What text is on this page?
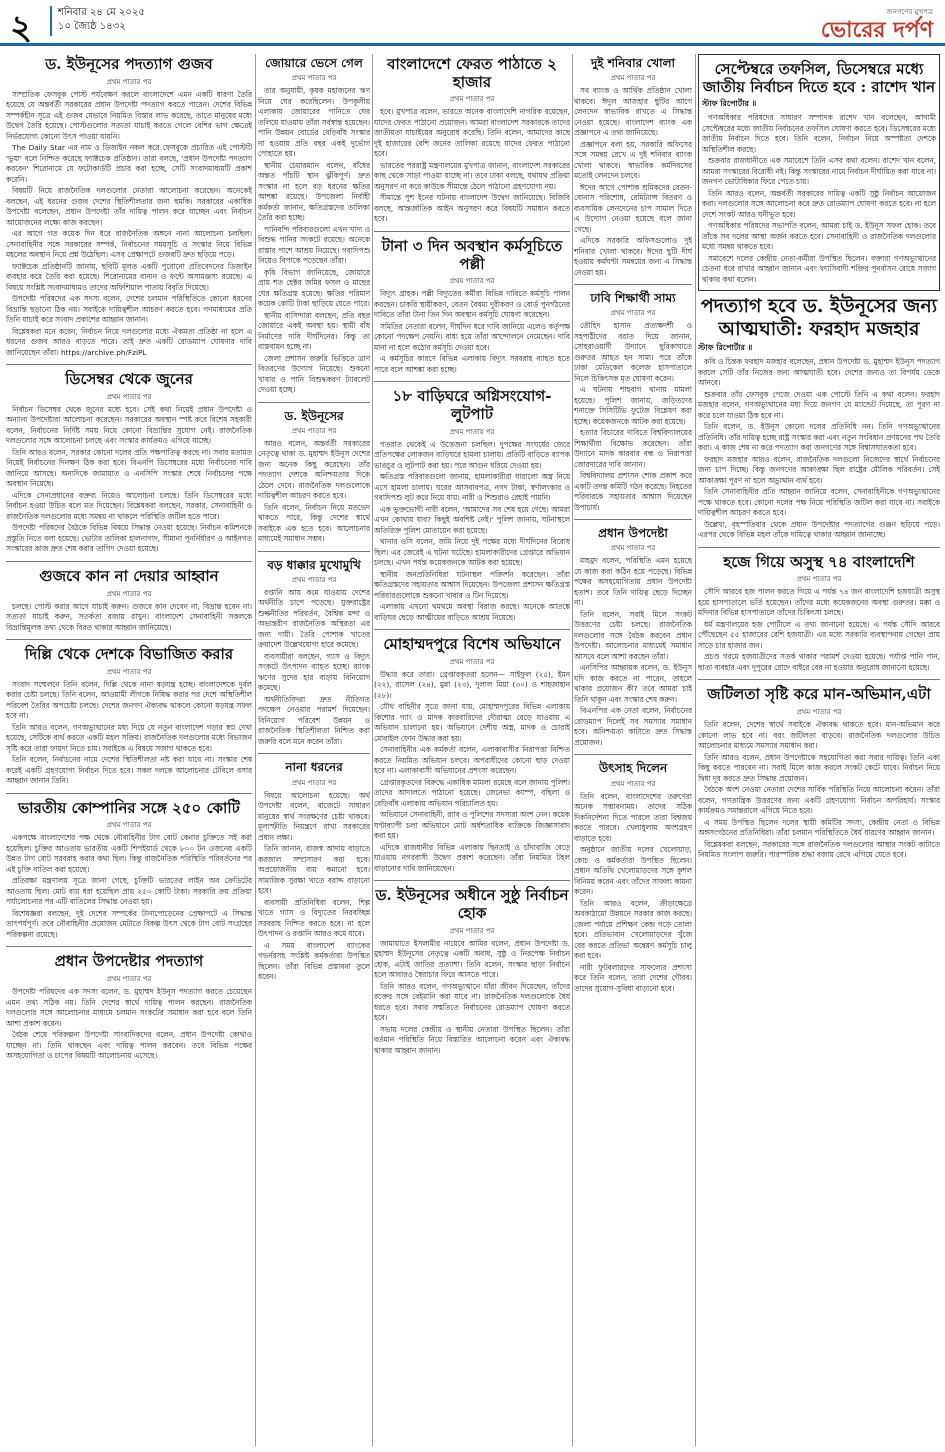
২	শনিবার ২৪ মে ২০২৫
১০ জ্যৈষ্ঠ ১৪৩২
জনগণের মুখপত্র
ভোরের দর্পণ
ড. ইউনূসের পদত্যাগ গুজব
প্রথম পাতার পর

সাম্প্রতিক ফেসবুক পোস্ট পর্যবেক্ষণ করলে বাংলাদেশে এমন একটি ধারণা তৈরি হয়েছে যে অন্তর্বর্তী সরকারের প্রধান উপদেষ্টা পদত্যাগ করতে পারেন। দেশের বিভিন্ন সম্পর্কহীন সূত্রে এই গুজব যেভাবে নিয়মিত বিস্তার লাভ করেছে, তাতে মানুষের মধ্যে উদ্বেগ তৈরি হয়েছে। পোস্টগুলোর সত্যতা যাচাই করতে গেলে বেশির ভাগ ক্ষেত্রেই নির্ভরযোগ্য কোনো উৎস পাওয়া যায়নি।

The Daily Star এর নাম ও ডিজাইন নকল করে ফেসবুকে প্রচারিত এই পোস্টটি 'ভুয়া' বলে নিশ্চিত করেছে ফ্যাক্টচেক প্রতিষ্ঠান। তারা বলছে, 'প্রধান উপদেষ্টা পদত্যাগ করবেন' শিরোনামে যে ফটোকার্ডটি প্রচার করা হচ্ছে, সেটি সংবাদমাধ্যমটি প্রকাশ করেনি।

বিষয়টি নিয়ে রাজনৈতিক দলগুলোর নেতারা আলোচনা করেছেন। অনেকেই বলছেন, এই ধরনের গুজব দেশের স্থিতিশীলতার জন্য হুমকি। সরকারের একাধিক উপদেষ্টা বলেছেন, প্রধান উপদেষ্টা তাঁর দায়িত্ব পালন করে যাচ্ছেন এবং নির্বাচন আয়োজনের লক্ষ্যে কাজ করছেন।

এর আগে গত কয়েক দিন ধরে রাজনৈতিক অঙ্গনে নানা আলোচনা চলছিল। সেনাবাহিনীর সঙ্গে সরকারের সম্পর্ক, নির্বাচনের সময়সূচি ও সংস্কার নিয়ে বিভিন্ন মহলের অবস্থান নিয়ে প্রশ্ন উঠেছিল। এসব প্রেক্ষাপটে গুজবটি দ্রুত ছড়িয়ে পড়ে।

ফ্যাক্টচেক প্রতিষ্ঠানটি জানায়, ছবিটি মূলত একটি পুরোনো প্রতিবেদনের ডিজাইন ব্যবহার করে তৈরি করা হয়েছে। শিরোনামের বানান ও ফন্টে অসামঞ্জস্য রয়েছে। এ বিষয়ে সংশ্লিষ্ট সংবাদমাধ্যমও তাদের অফিশিয়াল পাতায় বিবৃতি দিয়েছে।

উপদেষ্টা পরিষদের এক সদস্য বলেন, দেশের চলমান পরিস্থিতিতে কোনো ধরনের বিভ্রান্তি ছড়ানো ঠিক নয়। সবাইকে দায়িত্বশীল আচরণ করতে হবে। গণমাধ্যমের প্রতি তিনি যাচাই করে সংবাদ প্রকাশের আহ্বান জানান।

বিশ্লেষকরা মনে করেন, নির্বাচন নিয়ে দলগুলোর মধ্যে ঐকমত্য প্রতিষ্ঠা না হলে এ ধরনের গুজব আরও বাড়তে পারে। তাই দ্রুত একটি রোডম্যাপ ঘোষণার দাবি জানিয়েছেন তাঁরা। https://archive.ph/FziPL

ডিসেম্বর থেকে জুনের
প্রথম পাতার পর

নির্বাচন ডিসেম্বর থেকে জুনের মধ্যে হবে। সেই কথা নিয়েই প্রধান উপদেষ্টা ও অন্যান্য উপদেষ্টারা আলোচনা করেছেন। সরকারের অবস্থান স্পষ্ট করে বিশেষ সহকারী বলেন, নির্বাচনের নির্দিষ্ট সময় নিয়ে কোনো বিভ্রান্তির সুযোগ নেই। রাজনৈতিক দলগুলোর সঙ্গে আলোচনা চলছে এবং সংস্কার কার্যক্রমও এগিয়ে যাচ্ছে।

তিনি আরও বলেন, সরকার কোনো দলের প্রতি পক্ষপাতিত্ব করছে না। সবার মতামত নিয়েই নির্বাচনের দিনক্ষণ ঠিক করা হবে। বিএনপি ডিসেম্বরের মধ্যে নির্বাচনের দাবি জানিয়ে আসছে। অন্যদিকে জামায়াত ও এনসিপি সংস্কার শেষে নির্বাচনের পক্ষে অবস্থান নিয়েছে।

এদিকে সেনাপ্রধানের বক্তব্য নিয়েও আলোচনা চলছে। তিনি ডিসেম্বরের মধ্যে নির্বাচন হওয়া উচিত বলে মত দিয়েছেন। বিশ্লেষকরা বলছেন, সরকার, সেনাবাহিনী ও রাজনৈতিক দলগুলোর মধ্যে সমন্বয় না থাকলে পরিস্থিতি জটিল হতে পারে।

উপদেষ্টা পরিষদের বৈঠকে বিভিন্ন বিষয়ে সিদ্ধান্ত নেওয়া হয়েছে। নির্বাচন কমিশনকে প্রস্তুতি নিতে বলা হয়েছে। ভোটার তালিকা হালনাগাদ, সীমানা পুনর্নির্ধারণ ও আইনগত সংস্কারের কাজ দ্রুত শেষ করার তাগিদ দেওয়া হয়েছে।

গুজবে কান না দেয়ার আহ্বান
প্রথম পাতার পর

চলছে। পোস্ট করার আগে যাচাই করুন। গুজবে কান দেবেন না, বিভ্রান্ত হবেন না। সত্যতা যাচাই করুন, সতর্কতা বজায় রাখুন। বাংলাদেশ সেনাবাহিনী সকলকে বিভ্রান্তিমূলক তথ্য থেকে বিরত থাকার আহ্বান জানিয়েছে।

দিল্লি থেকে দেশকে বিভাজিত করার
প্রথম পাতার পর

সংবাদ সম্মেলনে তিনি বলেন, দিল্লি থেকে নানা ষড়যন্ত্র হচ্ছে। বাংলাদেশকে দুর্বল করার চেষ্টা চলছে। তিনি বলেন, আওয়ামী লীগকে নিষিদ্ধ করার পর দেশে অস্থিতিশীল পরিবেশ তৈরির অপচেষ্টা চলছে। দেশের জনগণ ঐক্যবদ্ধ থাকলে কোনো ষড়যন্ত্র সফল হবে না।

তিনি আরও বলেন, গণঅভ্যুত্থানের মধ্য দিয়ে যে নতুন বাংলাদেশ গড়ার স্বপ্ন দেখা হয়েছে, সেটিকে ব্যর্থ করতে একটি মহল সক্রিয়। রাজনৈতিক দলগুলোর মধ্যে বিভাজন সৃষ্টি করে তারা ফায়দা নিতে চায়। সবাইকে এ বিষয়ে সজাগ থাকতে হবে।

তিনি বলেন, নির্বাচনের নামে দেশের স্থিতিশীলতা নষ্ট করা যাবে না। সংস্কার শেষ করেই একটি গ্রহণযোগ্য নির্বাচন দিতে হবে। সকল দলকে আলোচনার টেবিলে বসার আহ্বান জানান তিনি।

ভারতীয় কোম্পানির সঙ্গে ২৫০ কোটি
প্রথম পাতার পর

একপক্ষে বাংলাদেশের পক্ষ থেকে নৌবাহিনীর টাগ বোট কেনার চুক্তিতে সই করা হয়েছিল। চুক্তির আওতায় ভারতীয় একটি শিপইয়ার্ড থেকে ৮০০ টন ওজনের একটি উন্নত টাগ বোট সরবরাহ করার কথা ছিল। কিন্তু রাজনৈতিক পরিস্থিতি পরিবর্তনের পর এই চুক্তি বাতিল করা হয়েছে।

প্রতিরক্ষা মন্ত্রণালয় সূত্রে জানা গেছে, চুক্তিটি ভারতের লাইন অব ক্রেডিটের আওতায় ছিল। মোট ব্যয় ধরা হয়েছিল প্রায় ২৫০ কোটি টাকা। সরকারি ক্রয় প্রক্রিয়া পর্যালোচনার পর এটি বাতিলের সিদ্ধান্ত নেওয়া হয়।

বিশেষজ্ঞরা বলছেন, দুই দেশের সম্পর্কের টানাপোড়েনের প্রেক্ষাপটে এ সিদ্ধান্ত তাৎপর্যপূর্ণ। তবে নৌবাহিনীর প্রয়োজন মেটাতে বিকল্প উৎস থেকে টাগ বোট সংগ্রহের পরিকল্পনা রয়েছে।

প্রধান উপদেষ্টার পদত্যাগ
প্রথম পাতার পর

উপদেষ্টা পরিষদের এক সদস্য বলেন, ড. মুহাম্মদ ইউনূস পদত্যাগ করতে চেয়েছেন এমন তথ্য সঠিক নয়। তিনি দেশের স্বার্থে দায়িত্ব পালন করছেন। রাজনৈতিক দলগুলোর সঙ্গে আলোচনার মাধ্যমে চলমান সংকটের সমাধান করা হবে বলে তিনি আশা প্রকাশ করেন।

বৈঠক শেষে পরিকল্পনা উপদেষ্টা সাংবাদিকদের বলেন, প্রধান উপদেষ্টা কোথাও যাচ্ছেন না। তিনি থাকছেন এবং দায়িত্ব পালন করবেন। তবে বিভিন্ন পক্ষের অসহযোগিতা ও চাপের বিষয়টি আলোচনায় এসেছে।

জোয়ারে ভেসে গেল
প্রথম পাতার পর

তার অনুযায়ী, কৃষক মহাজনের ঋণ নিয়ে ঘের করেছিলেন। উপকূলীয় এলাকায় জোয়ারের পানিতে ঘের তলিয়ে যাওয়ায় তাঁরা সর্বস্বান্ত হয়েছেন। পানি উন্নয়ন বোর্ডের বেড়িবাঁধ সংস্কার না হওয়ায় প্রতি বছর একই দুর্ভোগ পোহাতে হয়।

স্থানীয় চেয়ারম্যান বলেন, বাঁধের অন্তত পাঁচটি স্থান ঝুঁকিপূর্ণ। দ্রুত সংস্কার না হলে বড় ধরনের ক্ষতির আশঙ্কা রয়েছে। উপজেলা নির্বাহী কর্মকর্তা জানান, ক্ষতিগ্রস্তদের তালিকা তৈরি করা হচ্ছে।

পানিবন্দি পরিবারগুলো এখন খাদ্য ও বিশুদ্ধ পানির সংকটে রয়েছে। অনেকে রাস্তার পাশে আশ্রয় নিয়েছে। গবাদিপশু নিয়েও বিপাকে পড়েছেন তাঁরা।

কৃষি বিভাগ জানিয়েছে, জোয়ারে প্রায় শত হেক্টর জমির ফসল ও মাছের ঘের ক্ষতিগ্রস্ত হয়েছে। ক্ষতির পরিমাণ কয়েক কোটি টাকা ছাড়িয়ে যেতে পারে।

স্থানীয় বাসিন্দারা বলছেন, প্রতি বছর জোয়ারে একই অবস্থা হয়। স্থায়ী বাঁধ নির্মাণের দাবি দীর্ঘদিনের। কিন্তু তা বাস্তবায়ন হচ্ছে না।

জেলা প্রশাসন জরুরি ভিত্তিতে ত্রাণ বিতরণের উদ্যোগ নিয়েছে। শুকনো খাবার ও পানি বিশুদ্ধকরণ ট্যাবলেট দেওয়া হচ্ছে।

ড. ইউনূসের
প্রথম পাতার পর

আরও বলেন, অন্তর্বর্তী সরকারের নেতৃত্বে থাকা ড. মুহাম্মদ ইউনূস দেশের জন্য অনেক কিছু করেছেন। তাঁর পদত্যাগ দেশকে অনিশ্চয়তার দিকে ঠেলে দেবে। রাজনৈতিক দলগুলোকে দায়িত্বশীল আচরণ করতে হবে।

তিনি বলেন, নির্বাচন নিয়ে মতভেদ থাকতে পারে, কিন্তু দেশের স্বার্থে সবাইকে এক হতে হবে। আলোচনার মাধ্যমেই সমাধান সম্ভব।

বড় ধাক্কার মুখোমুখি
প্রথম পাতার পর

রপ্তানি আয় কমে যাওয়ায় দেশের অর্থনীতি চাপে পড়েছে। যুক্তরাষ্ট্রের শুল্কনীতির পরিবর্তন, বৈশ্বিক মন্দা ও অভ্যন্তরীণ রাজনৈতিক অস্থিরতা এর জন্য দায়ী। তৈরি পোশাক খাতের ক্রয়াদেশ উল্লেখযোগ্য হারে কমেছে।

ব্যবসায়ীরা বলছেন, গ্যাস ও বিদ্যুৎ সংকটে উৎপাদন ব্যাহত হচ্ছে। ব্যাংক ঋণের সুদের হার বাড়ায় বিনিয়োগ কমেছে।

অর্থনীতিবিদরা দ্রুত নীতিগত পদক্ষেপ নেওয়ার পরামর্শ দিয়েছেন। বিনিয়োগ পরিবেশ উন্নয়ন ও রাজনৈতিক স্থিতিশীলতা নিশ্চিত করা জরুরি বলে মনে করেন তাঁরা।

নানা ধরনের
প্রথম পাতার পর

বিষয়ে আলোচনা হয়েছে। অর্থ উপদেষ্টা বলেন, বাজেটে সাধারণ মানুষের স্বার্থ সংরক্ষণের চেষ্টা থাকবে। মূল্যস্ফীতি নিয়ন্ত্রণে রাখা সরকারের প্রধান লক্ষ্য।

তিনি জানান, রাজস্ব আদায় বাড়াতে করজাল সম্প্রসারণ করা হবে। অপ্রয়োজনীয় ব্যয় কমানো হবে। সামাজিক সুরক্ষা খাতে বরাদ্দ বাড়ানো হবে।

ব্যবসায়ী প্রতিনিধিরা বলেন, শিল্প খাতে গ্যাস ও বিদ্যুতের নিরবচ্ছিন্ন সরবরাহ নিশ্চিত করতে হবে। না হলে উৎপাদন ও রপ্তানি আরও কমে যাবে।

এ সময় বাংলাদেশ ব্যাংকের গভর্নরসহ সংশ্লিষ্ট কর্মকর্তারা উপস্থিত ছিলেন। তাঁরা বিভিন্ন প্রস্তাবনা তুলে ধরেন।

বাংলাদেশে ফেরত পাঠাতে ২ হাজার
প্রথম পাতার পর

হবে। মুখপাত্র বলেন, ভারতে অনেক বাংলাদেশি নাগরিক রয়েছেন, যাদের ফেরত পাঠানো প্রয়োজন। আমরা বাংলাদেশ সরকারকে তাদের জাতীয়তা যাচাইয়ের অনুরোধ করেছি। তিনি বলেন, আমাদের কাছে দুই হাজারের বেশি জনের তালিকা রয়েছে যাদের ফেরত পাঠানো হবে।

ভারতের পররাষ্ট্র মন্ত্রণালয়ের মুখপাত্র জানান, বাংলাদেশ সরকারের কাছ থেকে সাড়া পাওয়া যাচ্ছে না। তবে ঢাকা বলছে, যথাযথ প্রক্রিয়া অনুসরণ না করে কাউকে সীমান্তে ঠেলে পাঠানো গ্রহণযোগ্য নয়।

সীমান্তে পুশ ইনের ঘটনায় বাংলাদেশ উদ্বেগ জানিয়েছে। বিজিবি বলছে, আন্তর্জাতিক আইন অনুসরণ করে বিষয়টি সমাধান করতে হবে।

টানা ৩ দিন অবস্থান কর্মসূচিতে পল্লী
প্রথম পাতার পর

বিদ্যুৎ গ্রাহক। পল্লী বিদ্যুতের কর্মীরা বিভিন্ন দাবিতে কর্মসূচি পালন করছেন। চাকরি স্থায়ীকরণ, বেতন বৈষম্য দূরীকরণ ও বোর্ড পুনর্গঠনের দাবিতে তাঁরা টানা তিন দিন অবস্থান কর্মসূচি ঘোষণা করেছেন।

সমিতির নেতারা বলেন, দীর্ঘদিন ধরে দাবি জানিয়ে এলেও কর্তৃপক্ষ কোনো পদক্ষেপ নেয়নি। বাধ্য হয়ে তাঁরা আন্দোলনে নেমেছেন। দাবি মানা না হলে কঠোর কর্মসূচি দেওয়া হবে।

এ কর্মসূচির কারণে বিভিন্ন এলাকায় বিদ্যুৎ সরবরাহ ব্যাহত হতে পারে বলে আশঙ্কা করা হচ্ছে।

১৮ বাড়িঘরে অগ্নিসংযোগ-লুটপাট
প্রথম পাতার পর

গতরাত থেকেই এ উত্তেজনা চলছিল। দুপক্ষের সংঘর্ষের জেরে প্রতিপক্ষের লোকজন বাড়িঘরে হামলা চালায়। প্রতিটি বাড়িতে ব্যাপক ভাঙচুর ও লুটপাট করা হয়। পরে আগুন ধরিয়ে দেওয়া হয়।

ক্ষতিগ্রস্ত পরিবারগুলো জানায়, হামলাকারীরা ধারালো অস্ত্র নিয়ে এসে হামলা চালায়। ঘরের আসবাবপত্র, নগদ টাকা, স্বর্ণালংকার ও গবাদিপশু লুট করে নিয়ে যায়। নারী ও শিশুরাও রেহাই পায়নি।

এক ভুক্তভোগী নারী বলেন, 'আমাদের সব শেষ হয়ে গেছে। আমরা এখন কোথায় যাব? কিছুই অবশিষ্ট নেই।' পুলিশ জানায়, ঘটনাস্থলে অতিরিক্ত পুলিশ মোতায়েন করা হয়েছে।

থানার ওসি বলেন, জমি নিয়ে দুই পক্ষের মধ্যে দীর্ঘদিনের বিরোধ ছিল। এর জেরেই এ ঘটনা ঘটেছে। হামলাকারীদের গ্রেপ্তারে অভিযান চলছে। এখন পর্যন্ত কয়েকজনকে আটক করা হয়েছে।

স্থানীয় জনপ্রতিনিধিরা ঘটনাস্থল পরিদর্শন করেছেন। তাঁরা ক্ষতিগ্রস্তদের সহায়তার আশ্বাস দিয়েছেন। উপজেলা প্রশাসন ক্ষতিগ্রস্ত পরিবারগুলোকে শুকনো খাবার ও টিন দিয়েছে।

এলাকায় এখনো থমথমে অবস্থা বিরাজ করছে। অনেকে আতঙ্কে বাড়িঘর ছেড়ে আত্মীয়ের বাড়িতে আশ্রয় নিয়েছে।

মোহাম্মদপুরে বিশেষ অভিযানে
প্রথম পাতার পর

উদ্ধার করে তারা। গ্রেপ্তারকৃতরা হলেন— সাইফুল (২৫), ইমন (২২), রাসেল (২৪), মুন্না (২৩), দুলাল মিয়া (৩০) ও শাহজাহান (২৮)।

যৌথ বাহিনীর সূত্রে জানা যায়, মোহাম্মদপুরের বিভিন্ন এলাকায় কিশোর গ্যাং ও মাদক কারবারিদের দৌরাত্ম্য বেড়ে যাওয়ায় এ অভিযান চালানো হয়। অভিযানে দেশীয় অস্ত্র, মাদক ও চোরাই মোবাইল ফোন উদ্ধার করা হয়।

সেনাবাহিনীর এক কর্মকর্তা বলেন, এলাকাবাসীর নিরাপত্তা নিশ্চিত করতে নিয়মিত অভিযান চলবে। অপরাধীদের কোনো ছাড় দেওয়া হবে না। এলাকাবাসী অভিযানের প্রশংসা করেছেন।

গ্রেপ্তারকৃতদের বিরুদ্ধে একাধিক মামলা রয়েছে বলে জানায় পুলিশ। তাদের আদালতে পাঠানো হয়েছে। জেনেভা ক্যাম্প, বছিলা ও বেড়িবাঁধ এলাকায় অভিযান পরিচালিত হয়।

অভিযানে সেনাবাহিনী, র‍্যাব ও পুলিশের সদস্যরা অংশ নেন। কয়েক ঘণ্টাব্যাপী চলা অভিযানে মোট অর্ধশতাধিক ব্যক্তিকে জিজ্ঞাসাবাদ করা হয়।

এদিকে রাজধানীর বিভিন্ন এলাকায় ছিনতাই ও চাঁদাবাজি বেড়ে যাওয়ায় নগরবাসী উদ্বেগ প্রকাশ করেছেন। তাঁরা নিয়মিত টহল বাড়ানোর দাবি জানিয়েছেন।

ড. ইউনূসের অধীনে সুষ্ঠু নির্বাচন হোক
প্রথম পাতার পর

জামায়াতে ইসলামীর নায়েবে আমির বলেন, প্রধান উপদেষ্টা ড. মুহাম্মদ ইউনূসের নেতৃত্বে একটি অবাধ, সুষ্ঠু ও নিরপেক্ষ নির্বাচন হোক, এটাই জাতির প্রত্যাশা। তিনি বলেন, সংস্কার ছাড়া নির্বাচন হলে আবারও স্বৈরাচার ফিরে আসতে পারে।

তিনি আরও বলেন, গণঅভ্যুত্থানে যাঁরা জীবন দিয়েছেন, তাঁদের রক্তের সঙ্গে বেইমানি করা যাবে না। রাজনৈতিক দলগুলোকে ধৈর্য ধরতে হবে। সবার সম্মতিতে নির্বাচনের রোডম্যাপ ঘোষণা করতে হবে।

সভায় দলের কেন্দ্রীয় ও স্থানীয় নেতারা উপস্থিত ছিলেন। তাঁরা বর্তমান পরিস্থিতি নিয়ে বিস্তারিত আলোচনা করেন এবং ঐক্যবদ্ধ থাকার আহ্বান জানান।

দুই শনিবার খোলা
প্রথম পাতার পর

সব ব্যাংক ও আর্থিক প্রতিষ্ঠান খোলা থাকবে। ঈদুল আজহার ছুটির আগে লেনদেন স্বাভাবিক রাখতে এ সিদ্ধান্ত নেওয়া হয়েছে। বাংলাদেশ ব্যাংক এক প্রজ্ঞাপনে এ তথ্য জানিয়েছে।

প্রজ্ঞাপনে বলা হয়, সরকারি অফিসের সঙ্গে সমন্বয় রেখে এ দুই শনিবার ব্যাংক খোলা থাকবে। স্বাভাবিক কর্মদিবসের মতোই লেনদেন চলবে।

ঈদের আগে পোশাক শ্রমিকদের বেতন-বোনাস পরিশোধ, রেমিট্যান্স বিতরণ ও ব্যবসায়িক লেনদেনের চাপ সামাল দিতে এ উদ্যোগ নেওয়া হয়েছে বলে জানা গেছে।

এদিকে সরকারি অফিসগুলোও দুই শনিবার খোলা থাকবে। ঈদের ছুটি দীর্ঘ হওয়ায় কর্মঘণ্টা সমন্বয়ের জন্য এ সিদ্ধান্ত নেওয়া হয়।

ঢাবি শিক্ষার্থী সাম্য
প্রথম পাতার পর

তৌহিদ হাসান প্রত্যক্ষদর্শী ও সহপাঠীদের বরাত দিয়ে জানান, সোহরাওয়ার্দী উদ্যানে ছুরিকাঘাতে গুরুতর আহত হন সাম্য। পরে তাঁকে ঢাকা মেডিকেল কলেজ হাসপাতালে নিলে চিকিৎসক মৃত ঘোষণা করেন।

এ ঘটনায় শাহবাগ থানায় মামলা হয়েছে। পুলিশ জানায়, জড়িতদের শনাক্তে সিসিটিভি ফুটেজ বিশ্লেষণ করা হচ্ছে। কয়েকজনকে আটক করা হয়েছে।

হত্যার বিচারের দাবিতে বিশ্ববিদ্যালয়ের শিক্ষার্থীরা বিক্ষোভ করেছেন। তাঁরা উদ্যানে মাদক কারবার বন্ধ ও নিরাপত্তা জোরদারের দাবি জানান।

বিশ্ববিদ্যালয় প্রশাসন শোক প্রকাশ করে একটি তদন্ত কমিটি গঠন করেছে। নিহতের পরিবারকে সহায়তার আশ্বাস দিয়েছেন উপাচার্য।

প্রধান উপদেষ্টা
প্রথম পাতার পর

মাহমুদ বলেন, পরিস্থিতি এমন হয়েছে যে কাজ করা কঠিন হয়ে পড়েছে। বিভিন্ন পক্ষের অসহযোগিতায় প্রধান উপদেষ্টা হতাশ। তবে তিনি দায়িত্ব ছেড়ে দিচ্ছেন না।

তিনি বলেন, সবাই মিলে সংকট উত্তরণের চেষ্টা চলছে। রাজনৈতিক দলগুলোর সঙ্গে বৈঠক করবেন প্রধান উপদেষ্টা। আলোচনার মাধ্যমেই সমাধান আসবে বলে আশা করছেন তাঁরা।

এনসিপির আহ্বায়ক বলেন, ড. ইউনূস যদি কাজ করতে না পারেন, তাহলে থাকার প্রয়োজন কী? তবে আমরা চাই তিনি থাকুন এবং সংস্কার শেষ করুন।

বিএনপির এক নেতা বলেন, নির্বাচনের রোডম্যাপ দিলেই সব সমস্যার সমাধান হবে। অনিশ্চয়তা কাটাতে দ্রুত সিদ্ধান্ত প্রয়োজন।

উৎসাহ দিলেন
প্রথম পাতার পর

তিনি বলেন, বাংলাদেশের তরুণেরা অনেক সম্ভাবনাময়। তাদের সঠিক দিকনির্দেশনা দিতে পারলে তারা বিশ্বজয় করতে পারবে। খেলাধুলায় অংশগ্রহণ বাড়াতে হবে।

অনুষ্ঠানে জাতীয় দলের খেলোয়াড়, কোচ ও কর্মকর্তারা উপস্থিত ছিলেন। প্রধান অতিথি খেলোয়াড়দের সঙ্গে কুশল বিনিময় করেন এবং তাঁদের সাফল্য কামনা করেন।

তিনি আরও বলেন, ক্রীড়াক্ষেত্রে অবকাঠামো উন্নয়নে সরকার কাজ করছে। জেলা পর্যায়ে প্রশিক্ষণ কেন্দ্র গড়ে তোলা হবে। প্রতিভাবান খেলোয়াড়দের খুঁজে বের করতে প্রতিভা অন্বেষণ কর্মসূচি চালু করা হবে।

নারী ফুটবলারদের সাফল্যের প্রশংসা করে তিনি বলেন, তারা দেশের গৌরব। তাদের সুযোগ-সুবিধা বাড়ানো হবে।

সেপ্টেম্বরে তফসিল, ডিসেম্বরে মধ্যে জাতীয় নির্বাচন দিতে হবে : রাশেদ খান
স্টাফ রিপোর্টার ॥

গণঅধিকার পরিষদের সাধারণ সম্পাদক রাশেদ খান বলেছেন, আগামী সেপ্টেম্বরের মধ্যে জাতীয় নির্বাচনের তফসিল ঘোষণা করতে হবে। ডিসেম্বরের মধ্যে জাতীয় নির্বাচন দিতে হবে। তিনি বলেন, নির্বাচন নিয়ে অস্পষ্টতা দেশকে অস্থিতিশীল করছে।

শুক্রবার রাজধানীতে এক সমাবেশে তিনি এসব কথা বলেন। রাশেদ খান বলেন, আমরা সংস্কারের বিরোধী নই। কিন্তু সংস্কারের নামে নির্বাচন দীর্ঘায়িত করা যাবে না। জনগণ ভোটাধিকার ফিরে পেতে চায়।

তিনি আরও বলেন, অন্তর্বর্তী সরকারের দায়িত্ব একটি সুষ্ঠু নির্বাচন আয়োজন করা। দলগুলোর সঙ্গে আলোচনা করে দ্রুত রোডম্যাপ ঘোষণা করতে হবে। না হলে দেশে সংকট আরও ঘনীভূত হবে।

গণঅধিকার পরিষদের সভাপতি বলেন, আমরা চাই ড. ইউনূস সফল হোক। তবে তাঁকে সব দলের আস্থা অর্জন করতে হবে। সেনাবাহিনী ও রাজনৈতিক দলগুলোর মধ্যে সমন্বয় থাকতে হবে।

সমাবেশে দলের কেন্দ্রীয় নেতা-কর্মীরা উপস্থিত ছিলেন। বক্তারা গণঅভ্যুত্থানের চেতনা ধরে রাখার আহ্বান জানান এবং ফ্যাসিবাদী শক্তির পুনর্বাসন রোধে সজাগ থাকার কথা বলেন।

পদত্যাগ হবে ড. ইউনূসের জন্য আত্মঘাতী: ফরহাদ মজহার
স্টাফ রিপোর্টার ॥

কবি ও চিন্তক ফরহাদ মজহার বলেছেন, প্রধান উপদেষ্টা ড. মুহাম্মদ ইউনূস পদত্যাগ করলে সেটি তাঁর নিজের জন্য আত্মঘাতী হবে। দেশের জন্যও তা বিপর্যয় ডেকে আনবে।

শুক্রবার তাঁর ফেসবুক পেজে দেওয়া এক পোস্টে তিনি এ কথা বলেন। ফরহাদ মজহার বলেন, গণঅভ্যুত্থানের মধ্য দিয়ে জনগণ যে ম্যান্ডেট দিয়েছে, তা পূরণ না করে চলে যাওয়া ঠিক হবে না।

তিনি বলেন, ড. ইউনূস কোনো দলের প্রতিনিধি নন। তিনি গণঅভ্যুত্থানের প্রতিনিধি। তাঁর দায়িত্ব হচ্ছে রাষ্ট্র সংস্কার করা এবং নতুন সংবিধান প্রণয়নের পথ তৈরি করা। এ কাজ শেষ না করে পদত্যাগ করা জনগণের সঙ্গে বিশ্বাসঘাতকতা হবে।

ফরহাদ মজহার আরও বলেন, রাজনৈতিক দলগুলো নিজেদের স্বার্থে নির্বাচনের জন্য চাপ দিচ্ছে। কিন্তু জনগণের আকাঙ্ক্ষা ছিল রাষ্ট্রের মৌলিক পরিবর্তন। সেই আকাঙ্ক্ষা পূরণ না হলে অভ্যুত্থান ব্যর্থ হবে।

তিনি সেনাবাহিনীর প্রতি আহ্বান জানিয়ে বলেন, সেনাবাহিনীকে গণঅভ্যুত্থানের পক্ষে থাকতে হবে। কোনো দলের পক্ষ নিয়ে পরিস্থিতি জটিল করা যাবে না। সবাইকে দায়িত্বশীল আচরণ করতে হবে।

উল্লেখ্য, বৃহস্পতিবার থেকে প্রধান উপদেষ্টার পদত্যাগের গুঞ্জন ছড়িয়ে পড়ে। এরপর থেকে বিভিন্ন মহল তাঁকে দায়িত্বে থাকার আহ্বান জানাচ্ছে।

হজে গিয়ে অসুস্থ ৭৪ বাংলাদেশি
প্রথম পাতার পর

সৌদি আরবে হজ পালন করতে গিয়ে এ পর্যন্ত ৭৪ জন বাংলাদেশি হজযাত্রী অসুস্থ হয়ে হাসপাতালে ভর্তি হয়েছেন। তাঁদের মধ্যে কয়েকজনের অবস্থা গুরুতর। মক্কা ও মদিনার বিভিন্ন হাসপাতালে তাঁদের চিকিৎসা চলছে।

ধর্ম মন্ত্রণালয়ের হজ পোর্টালে এ তথ্য জানানো হয়েছে। এ পর্যন্ত সৌদি আরবে পৌঁছেছেন ৫৫ হাজারের বেশি হজযাত্রী। এর মধ্যে সরকারি ব্যবস্থাপনায় গেছেন প্রায় সাড়ে চার হাজার জন।

প্রচণ্ড গরমে হজযাত্রীদের সতর্ক থাকার পরামর্শ দেওয়া হয়েছে। পর্যাপ্ত পানি পান, ছাতা ব্যবহার এবং দুপুরের রোদে বাইরে বের না হওয়ার অনুরোধ জানানো হয়েছে।

জটিলতা সৃষ্টি করে মান-অভিমান,এটা
প্রথম পাতার পর

তিনি বলেন, দেশের স্বার্থে সবাইকে ঐক্যবদ্ধ থাকতে হবে। মান-অভিমান করে কোনো লাভ হবে না। বরং জটিলতা বাড়বে। রাজনৈতিক দলগুলোর উচিত আলোচনার মাধ্যমে সমস্যার সমাধান করা।

তিনি আরও বলেন, প্রধান উপদেষ্টাকে সহযোগিতা করা সবার দায়িত্ব। তিনি একা কিছু করতে পারবেন না। সবাই মিলে কাজ করলে সংকট কেটে যাবে। নির্বাচন নিয়ে দ্বিধা দূর করতে দ্রুত সিদ্ধান্ত প্রয়োজন।

বৈঠকে অংশ নেওয়া নেতারা দেশের সার্বিক পরিস্থিতি নিয়ে আলোচনা করেন। তাঁরা বলেন, গণতান্ত্রিক উত্তরণের জন্য একটি গ্রহণযোগ্য নির্বাচন অপরিহার্য। সংস্কার কার্যক্রমও সমান্তরালে এগিয়ে নিতে হবে।

এ সময় উপস্থিত ছিলেন দলের স্থায়ী কমিটির সদস্য, কেন্দ্রীয় নেতা ও বিভিন্ন অঙ্গসংগঠনের প্রতিনিধিরা। তাঁরা চলমান পরিস্থিতিতে ধৈর্য ধারণের আহ্বান জানান।

বিশ্লেষকরা বলছেন, সরকারের সঙ্গে রাজনৈতিক দলগুলোর আস্থার সংকট কাটাতে নিয়মিত সংলাপ জরুরি। পারস্পরিক শ্রদ্ধা বজায় রেখে এগিয়ে যেতে হবে।
